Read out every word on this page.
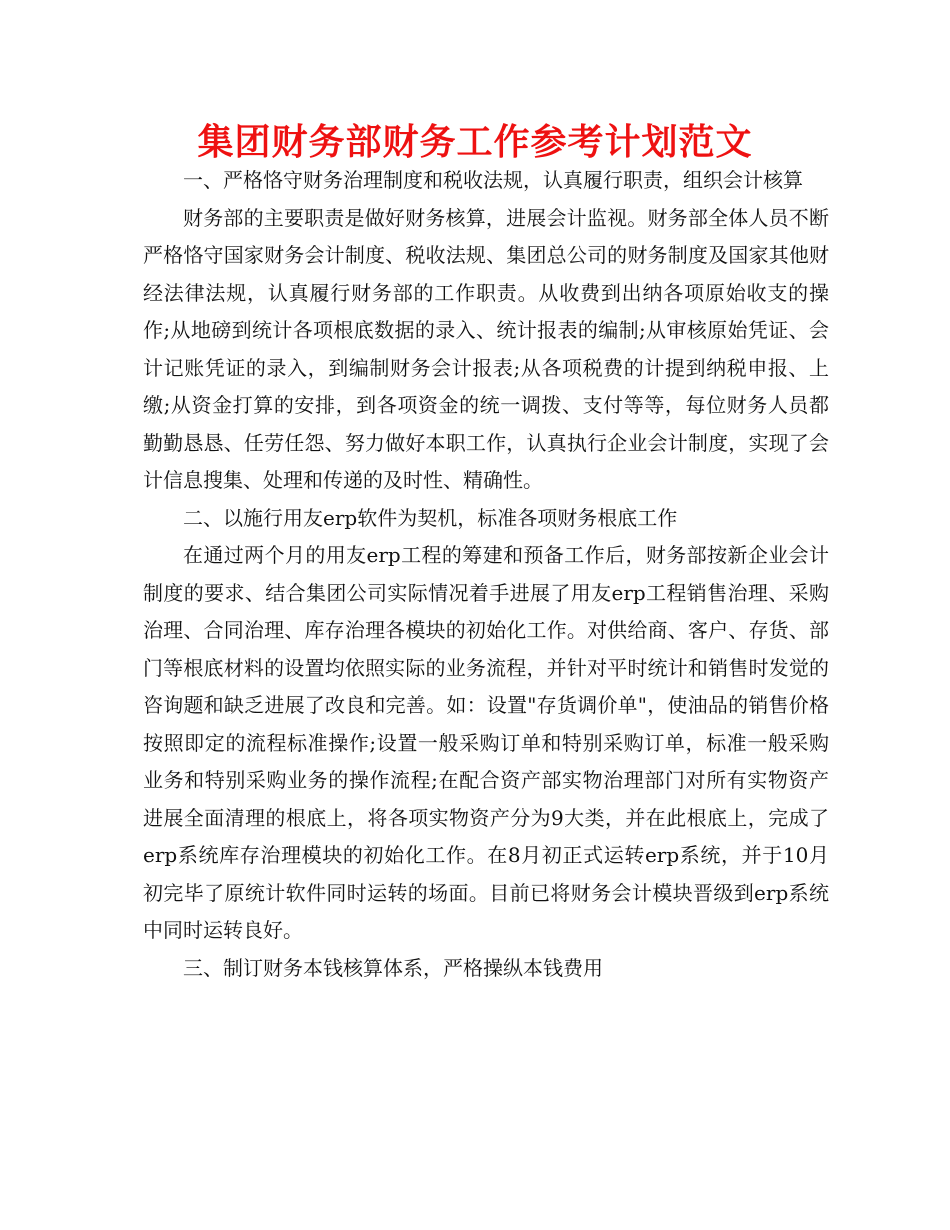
集团财务部财务工作参考计划范文

一、严格恪守财务治理制度和税收法规，认真履行职责，组织会计核算

财务部的主要职责是做好财务核算，进展会计监视。财务部全体人员不断严格恪守国家财务会计制度、税收法规、集团总公司的财务制度及国家其他财经法律法规，认真履行财务部的工作职责。从收费到出纳各项原始收支的操作;从地磅到统计各项根底数据的录入、统计报表的编制;从审核原始凭证、会计记账凭证的录入，到编制财务会计报表;从各项税费的计提到纳税申报、上缴;从资金打算的安排，到各项资金的统一调拨、支付等等，每位财务人员都勤勤恳恳、任劳任怨、努力做好本职工作，认真执行企业会计制度，实现了会计信息搜集、处理和传递的及时性、精确性。

二、以施行用友erp软件为契机，标准各项财务根底工作

在通过两个月的用友erp工程的筹建和预备工作后，财务部按新企业会计制度的要求、结合集团公司实际情况着手进展了用友erp工程销售治理、采购治理、合同治理、库存治理各模块的初始化工作。对供给商、客户、存货、部门等根底材料的设置均依照实际的业务流程，并针对平时统计和销售时发觉的咨询题和缺乏进展了改良和完善。如：设置"存货调价单"，使油品的销售价格按照即定的流程标准操作;设置一般采购订单和特别采购订单，标准一般采购业务和特别采购业务的操作流程;在配合资产部实物治理部门对所有实物资产进展全面清理的根底上，将各项实物资产分为9大类，并在此根底上，完成了erp系统库存治理模块的初始化工作。在8月初正式运转erp系统，并于10月初完毕了原统计软件同时运转的场面。目前已将财务会计模块晋级到erp系统中同时运转良好。

三、制订财务本钱核算体系，严格操纵本钱费用
